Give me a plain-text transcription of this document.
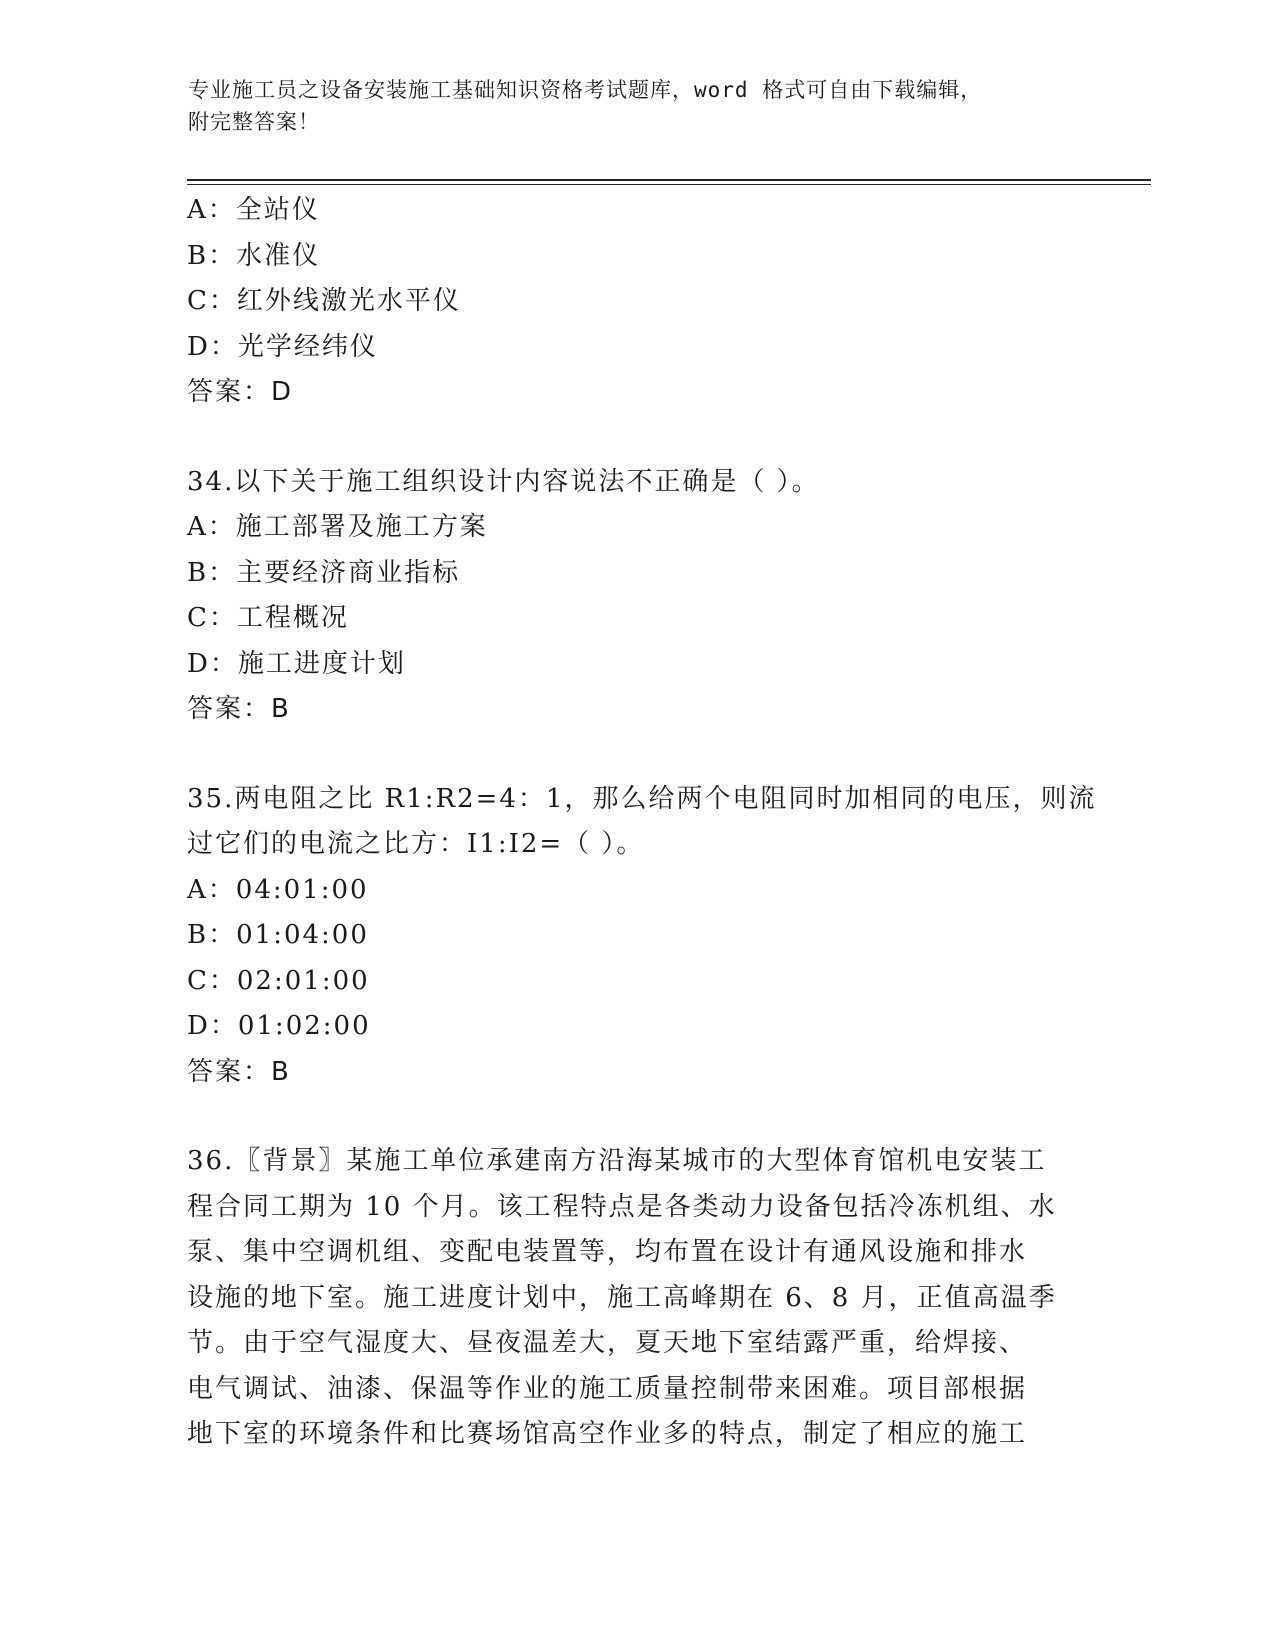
专业施工员之设备安装施工基础知识资格考试题库，word 格式可自由下载编辑，
附完整答案！
A：全站仪
B：水准仪
C：红外线激光水平仪
D：光学经纬仪
答案：D
34.以下关于施工组织设计内容说法不正确是（ ）。
A：施工部署及施工方案
B：主要经济商业指标
C：工程概况
D：施工进度计划
答案：B
35.两电阻之比 R1:R2=4：1，那么给两个电阻同时加相同的电压，则流
过它们的电流之比方：I1:I2=（ ）。
A：04:01:00
B：01:04:00
C：02:01:00
D：01:02:00
答案：B
36.〖背景〗某施工单位承建南方沿海某城市的大型体育馆机电安装工
程合同工期为 10 个月。该工程特点是各类动力设备包括冷冻机组、水
泵、集中空调机组、变配电装置等，均布置在设计有通风设施和排水
设施的地下室。施工进度计划中，施工高峰期在 6、8 月，正值高温季
节。由于空气湿度大、昼夜温差大，夏天地下室结露严重，给焊接、
电气调试、油漆、保温等作业的施工质量控制带来困难。项目部根据
地下室的环境条件和比赛场馆高空作业多的特点，制定了相应的施工
